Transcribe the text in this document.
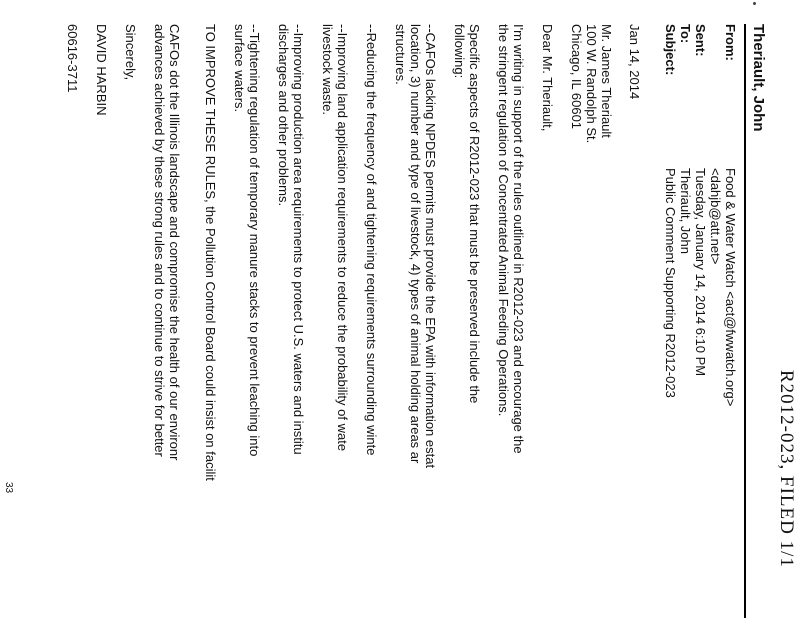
R2012-023, FILED 1/1
Theriault, John
From:
Food & Water Watch <act@fwwatch.org>
<dahjb@att.net>
Sent:
Tuesday, January 14, 2014 6:10 PM
To:
Theriault, John
Subject:
Public Comment Supporting R2012-023
Jan 14, 2014
Mr. James Theriault
100 W. Randolph St.
Chicago, IL 60601
Dear Mr. Theriault,
I'm writing in support of the rules outlined in R2012-023 and encourage the
the stringent regulation of Concentrated Animal Feeding Operations.
Specific aspects of R2012-023 that must be preserved include the
following:
--CAFOs lacking NPDES permits must provide the EPA with information estat
location, 3) number and type of livestock, 4) types of animal holding areas ar
structures.
--Reducing the frequency of and tightening requirements surrounding winte
--Improving land application requirements to reduce the probability of wate
livestock waste.
--Improving production area requirements to protect U.S. waters and institu
discharges and other problems.
--Tightening regulation of temporary manure stacks to prevent leaching into
surface waters.
TO IMPROVE THESE RULES, the Pollution Control Board could insist on facilit
CAFOs dot the Illinois landscape and compromise the health of our environr
advances achieved by these strong rules and to continue to strive for better
Sincerely,
DAVID HARBIN
60616-3711
33
